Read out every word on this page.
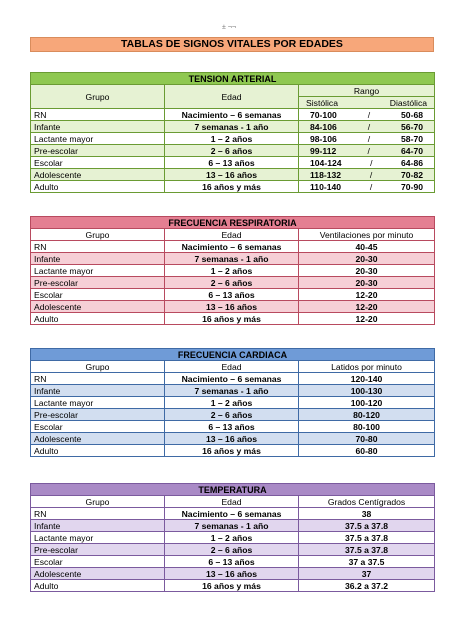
± ¬¬
TABLAS DE SIGNOS VITALES POR EDADES
TENSION ARTERIAL		
Grupo	Edad	Rango

		Sistólica Diastólica

RN	Nacimiento – 6 semanas	70-100 / 50-68

Infante	7 semanas - 1 año	84-106 / 56-70

Lactante mayor	1 – 2 años	98-106 / 58-70

Pre-escolar	2 – 6 años	99-112 / 64-70

Escolar	6 – 13 años	104-124 / 64-86

Adolescente	13 – 16 años	118-132 / 70-82

Adulto	16 años y más	110-140 / 70-90
FRECUENCIA RESPIRATORIA		
Grupo	Edad	Ventilaciones por minuto
RN	Nacimiento – 6 semanas	40-45
Infante	7 semanas - 1 año	20-30
Lactante mayor	1 – 2 años	20-30
Pre-escolar	2 – 6 años	20-30
Escolar	6 – 13 años	12-20
Adolescente	13 – 16 años	12-20
Adulto	16 años y más	12-20
FRECUENCIA CARDIACA		
Grupo	Edad	Latidos por minuto
RN	Nacimiento – 6 semanas	120-140
Infante	7 semanas - 1 año	100-130
Lactante mayor	1 – 2 años	100-120
Pre-escolar	2 – 6 años	80-120
Escolar	6 – 13 años	80-100
Adolescente	13 – 16 años	70-80
Adulto	16 años y más	60-80
TEMPERATURA		
Grupo	Edad	Grados Centígrados
RN	Nacimiento – 6 semanas	38
Infante	7 semanas - 1 año	37.5 a 37.8
Lactante mayor	1 – 2 años	37.5 a 37.8
Pre-escolar	2 – 6 años	37.5 a 37.8
Escolar	6 – 13 años	37 a 37.5
Adolescente	13 – 16 años	37
Adulto	16 años y más	36.2 a 37.2
